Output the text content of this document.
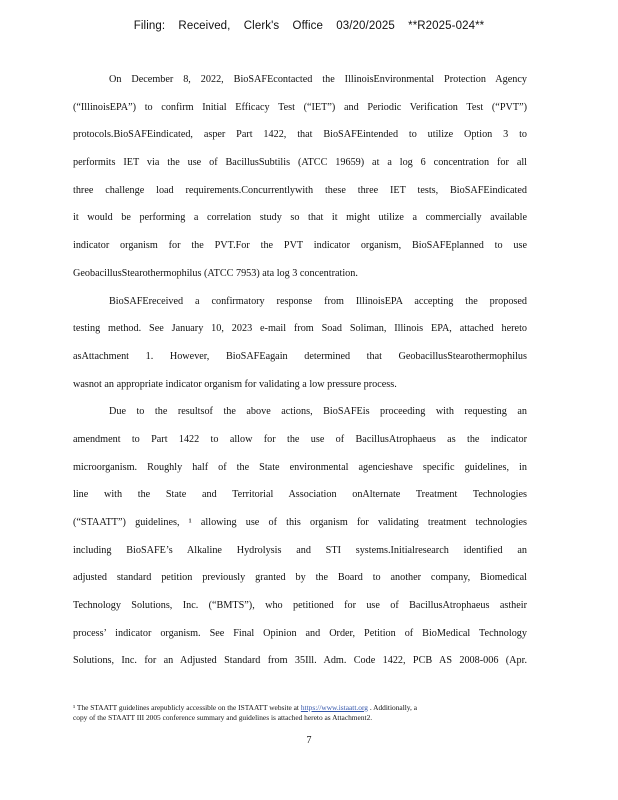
Filing: Received, Clerk's Office 03/20/2025 **R2025-024**
On December 8, 2022, BioSAFEcontacted the IllinoisEnvironmental Protection Agency
(“IllinoisEPA”) to confirm Initial Efficacy Test (“IET”) and Periodic Verification Test (“PVT”)
protocols.BioSAFEindicated, asper Part 1422, that BioSAFEintended to utilize Option 3 to
performits IET via the use of BacillusSubtilis (ATCC 19659) at a log 6 concentration for all
three challenge load requirements.Concurrentlywith these three IET tests, BioSAFEindicated
it would be performing a correlation study so that it might utilize a commercially available
indicator organism for the PVT.For the PVT indicator organism, BioSAFEplanned to use
GeobacillusStearothermophilus (ATCC 7953) ata log 3 concentration.
BioSAFEreceived a confirmatory response from IllinoisEPA accepting the proposed
testing method. See January 10, 2023 e-mail from Soad Soliman, Illinois EPA, attached hereto
asAttachment 1. However, BioSAFEagain determined that GeobacillusStearothermophilus
wasnot an appropriate indicator organism for validating a low pressure process.
Due to the resultsof the above actions, BioSAFEis proceeding with requesting an
amendment to Part 1422 to allow for the use of BacillusAtrophaeus as the indicator
microorganism. Roughly half of the State environmental agencieshave specific guidelines, in
line with the State and Territorial Association onAlternate Treatment Technologies
(“STAATT”) guidelines, ¹ allowing use of this organism for validating treatment technologies
including BioSAFE’s Alkaline Hydrolysis and STI systems.Initialresearch identified an
adjusted standard petition previously granted by the Board to another company, Biomedical
Technology Solutions, Inc. (“BMTS”), who petitioned for use of BacillusAtrophaeus astheir
process’ indicator organism. See Final Opinion and Order, Petition of BioMedical Technology
Solutions, Inc. for an Adjusted Standard from 35Ill. Adm. Code 1422, PCB AS 2008-006 (Apr.
¹ The STAATT guidelines arepublicly accessible on the ISTAATT website at https://www.istaatt.org . Additionally, a
copy of the STAATT III 2005 conference summary and guidelines is attached hereto as Attachment2.
7
